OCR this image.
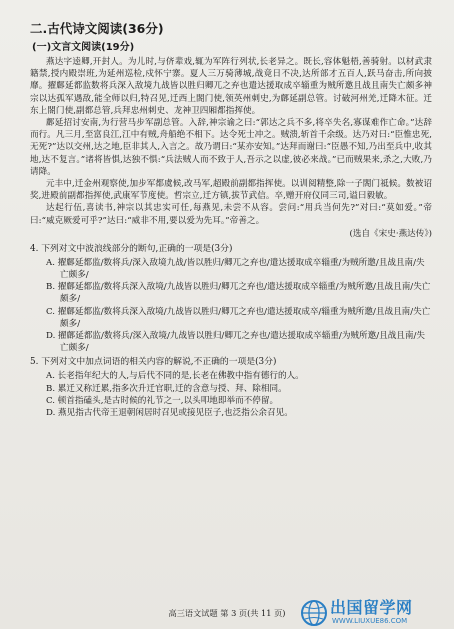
二.古代诗文阅读(36分)
(一)文言文阅读(19分)

燕达字逵卿,开封人。为儿时,与侪辈戏,辄为军阵行列状,长老异之。既长,容体魁梧,善骑射。以材武隶籍禁,授内殿崇班,为延州巡检,戍怀宁寨。夏人三万骑薄城,战竟日不决,达所部才五百人,跃马奋击,所向披靡。擢鄜延都监数将兵深入敌境九战皆以胜归卿兀之弃也遣达援取成卒辎重为贼所邀且战且南失亡颇多神宗以达孤军遇敌,能全师以归,特召见,迁西上閤门使,领英州刺史,为鄜延副总管。讨破河州羌,迁降木征。迁东上閤门使,副都总管,兵拜忠州刺史、龙神卫四厢都指挥使。

鄜延招讨安南,为行营马步军副总管。入辞,神宗谕之曰:“郭达之兵不多,将卒失名,寡谋难作亡命。”达辞而行。凡三月,至富良江,江中有贼,舟船绝不相下。达令死士冲之。贼溃,斩首千余级。达乃对曰:“臣惟忠死,无死?”达以交州,达之地,臣非其人,入言之。故乃谓曰:“某亦安知。”达拜而谢曰:“臣愚不知,乃出至兵中,收其地,达不复言。”诸将皆惧,达独不惧:“兵法贼人而不致于人,吾示之以虚,彼必来战。”已而贼果来,杀之,大败,乃请降。

元丰中,迁金州观察使,加步军都虞候,改马军,超殿前副都指挥使。以训阅精整,除一子閤门祗候。数被诏奖,进殿前副都指挥使,武康军节度使。哲宗立,迁方镇,拔节武信。卒,赠开府仪同三司,谥曰毅敏。

达起行伍,喜读书,神宗以其忠实可任,每燕见,未尝不从容。尝问:“用兵当何先?”对曰:“莫如爱。”帝曰:“威克厥爱可乎?”达曰:“威非不用,要以爱为先耳。”帝善之。

(选自《宋史·燕达传》)
4. 下列对文中波浪线部分的断句,正确的一项是(3分)

A. 擢鄜延都监/数将兵/深入敌境九战/皆以胜归/卿兀之弃也/遣达援取成卒辎重/为贼所邀/且战且南/失亡颇多/

B. 擢鄜延都监/数将兵深入敌境/九战皆以胜归/卿兀之弃也/遣达援取成卒辎重/为贼所邀/且战且南/失亡颇多/

C. 擢鄜延都监/数将兵深入敌境/九战皆以胜归/卿兀之弃也/遣达援取成卒/辎重为贼所邀/且战且南/失亡颇多/

D. 擢鄜延都监/数将兵/深入敌境/九战皆以胜归/卿兀之弃也/遣达援取成卒辎重/为贼所邀/且战且南/失亡颇多/

5. 下列对文中加点词语的相关内容的解说,不正确的一项是(3分)

A. 长老指年纪大的人,与后代不同的是,长老在佛教中指有德行的人。

B. 累迁又称迁累,指多次升迁官职,迁的含意与授、拜、除相同。

C. 顿首指磕头,是古时候的礼节之一,以头叩地即举而不停留。

D. 燕见指古代帝王退朝闲居时召见或接见臣子,也泛指公余召见。

高三语文试题 第 3 页(共 11 页)	出国留学网
WWW.LIUXUE86.COM
